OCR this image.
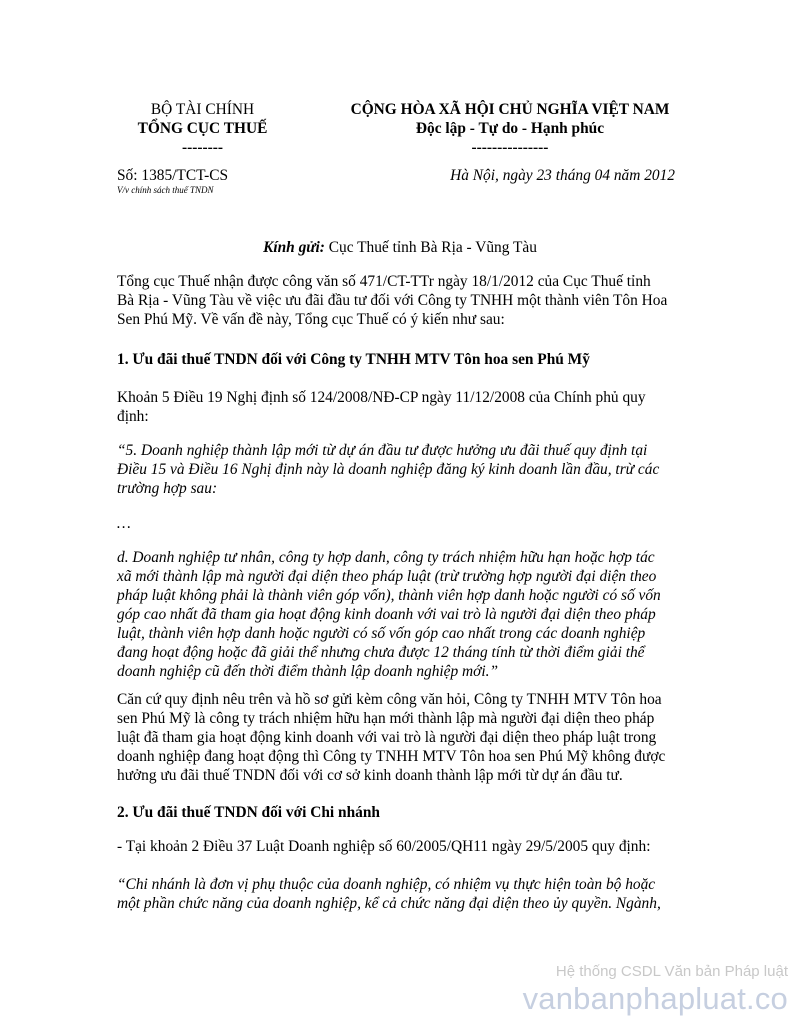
BỘ TÀI CHÍNH
TỔNG CỤC THUẾ
--------
CỘNG HÒA XÃ HỘI CHỦ NGHĨA VIỆT NAM
Độc lập - Tự do - Hạnh phúc
---------------
Số: 1385/TCT-CS
V/v chính sách thuế TNDN
Hà Nội, ngày 23 tháng 04 năm 2012
Kính gửi: Cục Thuế tỉnh Bà Rịa - Vũng Tàu
Tổng cục Thuế nhận được công văn số 471/CT-TTr ngày 18/1/2012 của Cục Thuế tỉnh
Bà Rịa - Vũng Tàu về việc ưu đãi đầu tư đối với Công ty TNHH một thành viên Tôn Hoa
Sen Phú Mỹ. Về vấn đề này, Tổng cục Thuế có ý kiến như sau:
1. Ưu đãi thuế TNDN đối với Công ty TNHH MTV Tôn hoa sen Phú Mỹ
Khoản 5 Điều 19 Nghị định số 124/2008/NĐ-CP ngày 11/12/2008 của Chính phủ quy
định:
“5. Doanh nghiệp thành lập mới từ dự án đầu tư được hưởng ưu đãi thuế quy định tại
Điều 15 và Điều 16 Nghị định này là doanh nghiệp đăng ký kinh doanh lần đầu, trừ các
trường hợp sau:
…
d. Doanh nghiệp tư nhân, công ty hợp danh, công ty trách nhiệm hữu hạn hoặc hợp tác
xã mới thành lập mà người đại diện theo pháp luật (trừ trường hợp người đại diện theo
pháp luật không phải là thành viên góp vốn), thành viên hợp danh hoặc người có số vốn
góp cao nhất đã tham gia hoạt động kinh doanh với vai trò là người đại diện theo pháp
luật, thành viên hợp danh hoặc người có số vốn góp cao nhất trong các doanh nghiệp
đang hoạt động hoặc đã giải thể nhưng chưa được 12 tháng tính từ thời điểm giải thể
doanh nghiệp cũ đến thời điểm thành lập doanh nghiệp mới.”
Căn cứ quy định nêu trên và hồ sơ gửi kèm công văn hỏi, Công ty TNHH MTV Tôn hoa
sen Phú Mỹ là công ty trách nhiệm hữu hạn mới thành lập mà người đại diện theo pháp
luật đã tham gia hoạt động kinh doanh với vai trò là người đại diện theo pháp luật trong
doanh nghiệp đang hoạt động thì Công ty TNHH MTV Tôn hoa sen Phú Mỹ không được
hưởng ưu đãi thuế TNDN đối với cơ sở kinh doanh thành lập mới từ dự án đầu tư.
2. Ưu đãi thuế TNDN đối với Chi nhánh
- Tại khoản 2 Điều 37 Luật Doanh nghiệp số 60/2005/QH11 ngày 29/5/2005 quy định:
“Chi nhánh là đơn vị phụ thuộc của doanh nghiệp, có nhiệm vụ thực hiện toàn bộ hoặc
một phần chức năng của doanh nghiệp, kể cả chức năng đại diện theo ủy quyền. Ngành,
Hệ thống CSDL Văn bản Pháp luật
vanbanphapluat.co
